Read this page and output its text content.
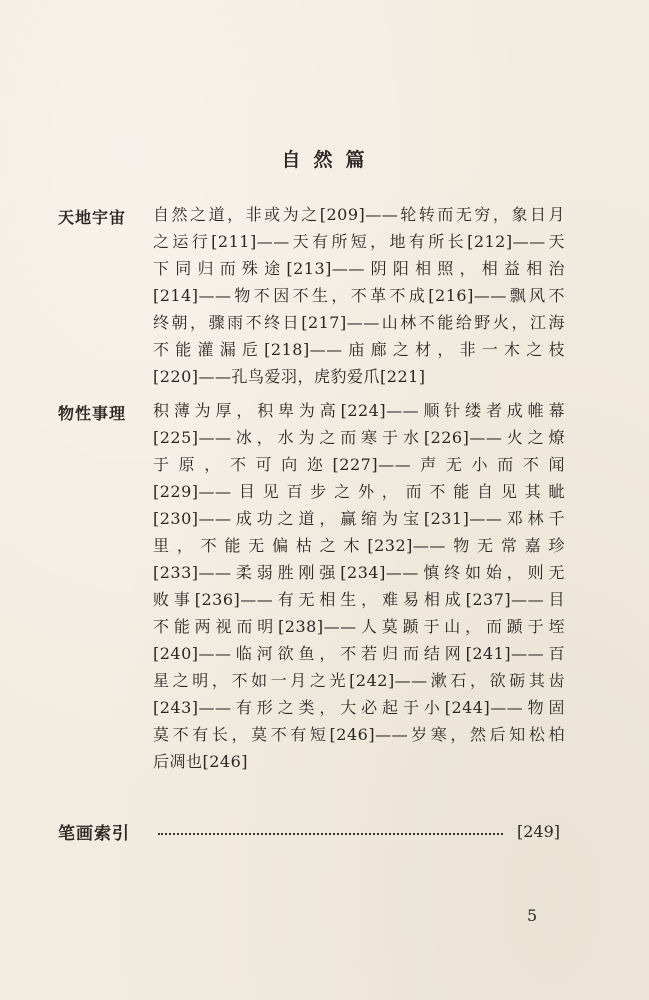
自然篇
天地宇宙 自然之道，非或为之[209]——轮转而无穷，象日月
之运行[211]——天有所短，地有所长[212]——天
下同归而殊途[213]——阴阳相照，相益相治
[214]——物不因不生，不革不成[216]——飘风不
终朝，骤雨不终日[217]——山林不能给野火，江海
不能灌漏卮[218]——庙廊之材，非一木之枝
[220]——孔鸟爱羽，虎豹爱爪[221]
物性事理 积薄为厚，积卑为高[224]——顺针缕者成帷幕
[225]——冰，水为之而寒于水[226]——火之燎
于原，不可向迩[227]——声无小而不闻
[229]——目见百步之外，而不能自见其眦
[230]——成功之道，赢缩为宝[231]——邓林千
里，不能无偏枯之木[232]——物无常嘉珍
[233]——柔弱胜刚强[234]——慎终如始，则无
败事[236]——有无相生，难易相成[237]——目
不能两视而明[238]——人莫踬于山，而踬于垤
[240]——临河欲鱼，不若归而结网[241]——百
星之明，不如一月之光[242]——漱石，欲砺其齿
[243]——有形之类，大必起于小[244]——物固
莫不有长，莫不有短[246]——岁寒，然后知松柏
后凋也[246]
笔画索引	[249]
5
